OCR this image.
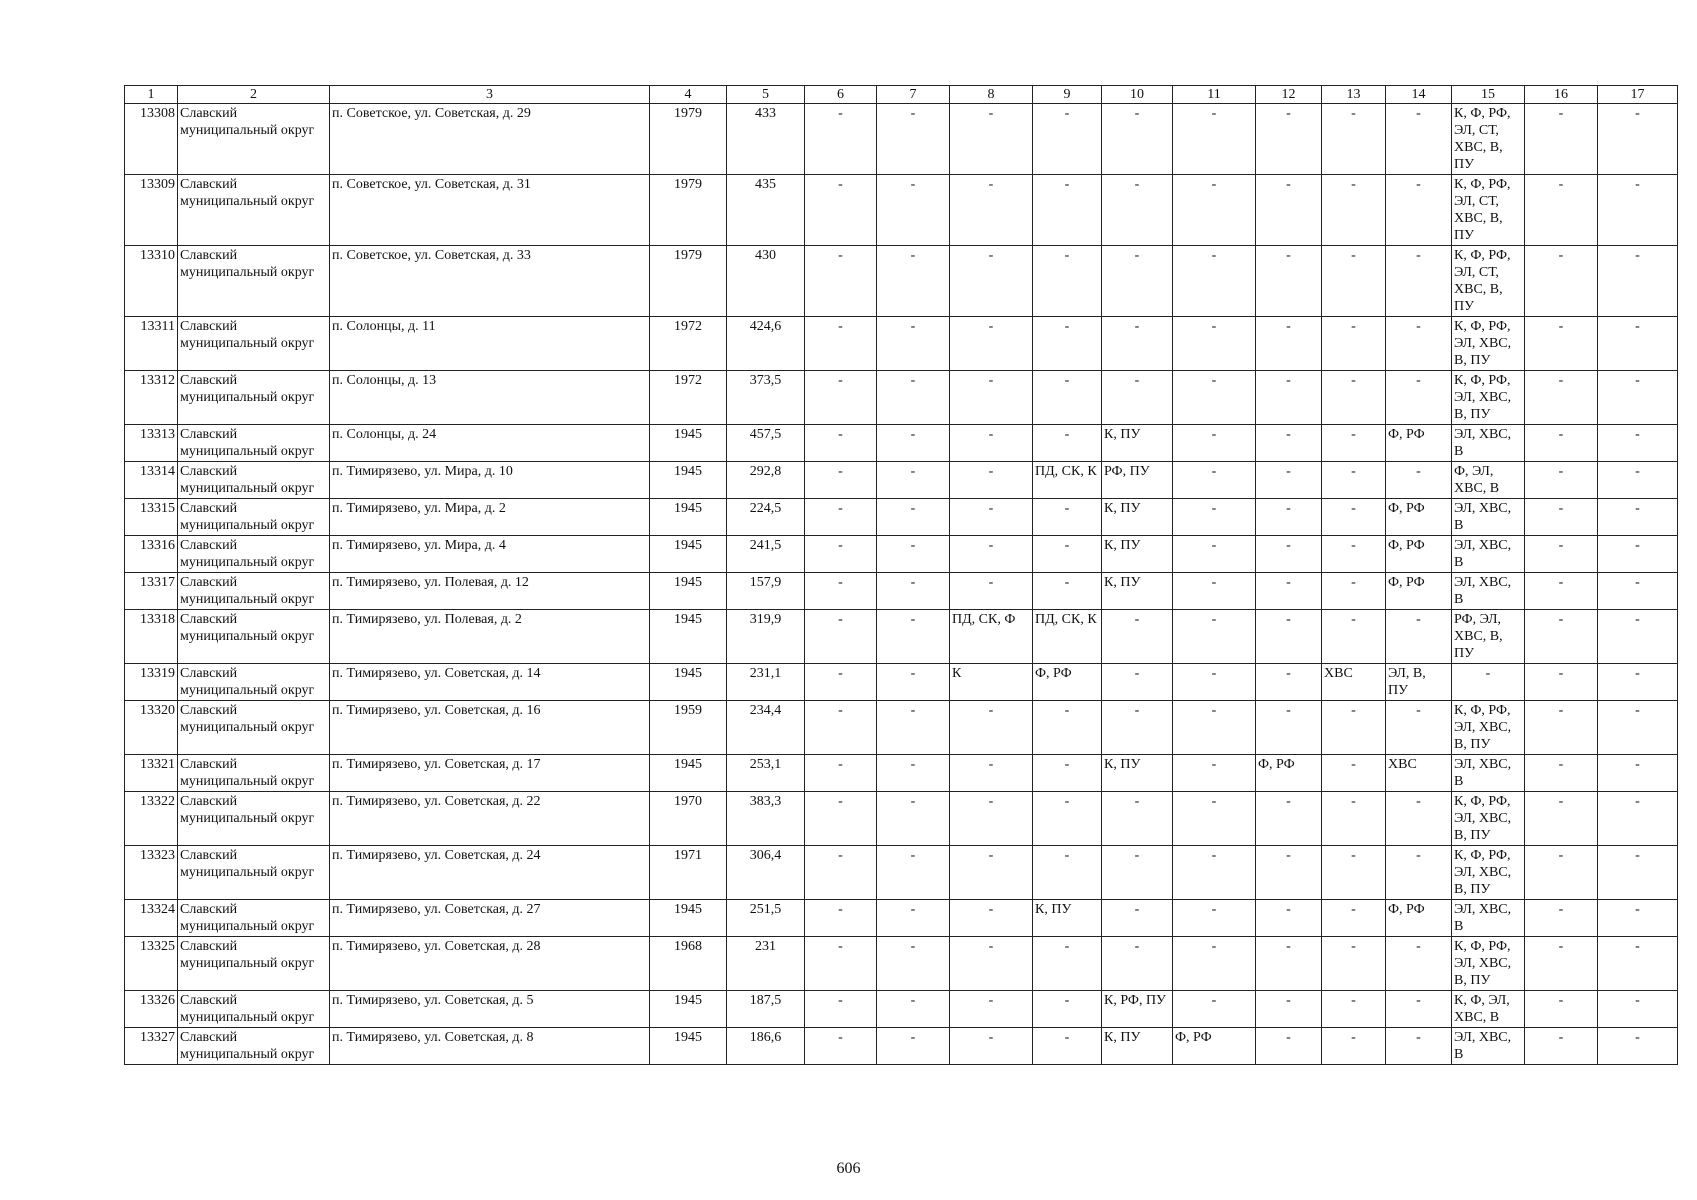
1	2	3	4	5	6	7	8	9	10	11	12	13	14	15	16	17
13308	Славский муниципальный округ	п. Советское, ул. Советская, д. 29	1979	433	-	-	-	-	-	-	-	-	-	К, Ф, РФ, ЭЛ, СТ, ХВС, В, ПУ	-	-
13309	Славский муниципальный округ	п. Советское, ул. Советская, д. 31	1979	435	-	-	-	-	-	-	-	-	-	К, Ф, РФ, ЭЛ, СТ, ХВС, В, ПУ	-	-
13310	Славский муниципальный округ	п. Советское, ул. Советская, д. 33	1979	430	-	-	-	-	-	-	-	-	-	К, Ф, РФ, ЭЛ, СТ, ХВС, В, ПУ	-	-
13311	Славский муниципальный округ	п. Солонцы, д. 11	1972	424,6	-	-	-	-	-	-	-	-	-	К, Ф, РФ, ЭЛ, ХВС, В, ПУ	-	-
13312	Славский муниципальный округ	п. Солонцы, д. 13	1972	373,5	-	-	-	-	-	-	-	-	-	К, Ф, РФ, ЭЛ, ХВС, В, ПУ	-	-
13313	Славский муниципальный округ	п. Солонцы, д. 24	1945	457,5	-	-	-	-	К, ПУ	-	-	-	Ф, РФ	ЭЛ, ХВС, В	-	-
13314	Славский муниципальный округ	п. Тимирязево, ул. Мира, д. 10	1945	292,8	-	-	-	ПД, СК, К	РФ, ПУ	-	-	-	-	Ф, ЭЛ, ХВС, В	-	-
13315	Славский муниципальный округ	п. Тимирязево, ул. Мира, д. 2	1945	224,5	-	-	-	-	К, ПУ	-	-	-	Ф, РФ	ЭЛ, ХВС, В	-	-
13316	Славский муниципальный округ	п. Тимирязево, ул. Мира, д. 4	1945	241,5	-	-	-	-	К, ПУ	-	-	-	Ф, РФ	ЭЛ, ХВС, В	-	-
13317	Славский муниципальный округ	п. Тимирязево, ул. Полевая, д. 12	1945	157,9	-	-	-	-	К, ПУ	-	-	-	Ф, РФ	ЭЛ, ХВС, В	-	-
13318	Славский муниципальный округ	п. Тимирязево, ул. Полевая, д. 2	1945	319,9	-	-	ПД, СК, Ф	ПД, СК, К	-	-	-	-	-	РФ, ЭЛ, ХВС, В, ПУ	-	-
13319	Славский муниципальный округ	п. Тимирязево, ул. Советская, д. 14	1945	231,1	-	-	К	Ф, РФ	-	-	-	ХВС	ЭЛ, В, ПУ	-	-	-
13320	Славский муниципальный округ	п. Тимирязево, ул. Советская, д. 16	1959	234,4	-	-	-	-	-	-	-	-	-	К, Ф, РФ, ЭЛ, ХВС, В, ПУ	-	-
13321	Славский муниципальный округ	п. Тимирязево, ул. Советская, д. 17	1945	253,1	-	-	-	-	К, ПУ	-	Ф, РФ	-	ХВС	ЭЛ, ХВС, В	-	-
13322	Славский муниципальный округ	п. Тимирязево, ул. Советская, д. 22	1970	383,3	-	-	-	-	-	-	-	-	-	К, Ф, РФ, ЭЛ, ХВС, В, ПУ	-	-
13323	Славский муниципальный округ	п. Тимирязево, ул. Советская, д. 24	1971	306,4	-	-	-	-	-	-	-	-	-	К, Ф, РФ, ЭЛ, ХВС, В, ПУ	-	-
13324	Славский муниципальный округ	п. Тимирязево, ул. Советская, д. 27	1945	251,5	-	-	-	К, ПУ	-	-	-	-	Ф, РФ	ЭЛ, ХВС, В	-	-
13325	Славский муниципальный округ	п. Тимирязево, ул. Советская, д. 28	1968	231	-	-	-	-	-	-	-	-	-	К, Ф, РФ, ЭЛ, ХВС, В, ПУ	-	-
13326	Славский муниципальный округ	п. Тимирязево, ул. Советская, д. 5	1945	187,5	-	-	-	-	К, РФ, ПУ	-	-	-	-	К, Ф, ЭЛ, ХВС, В	-	-
13327	Славский муниципальный округ	п. Тимирязево, ул. Советская, д. 8	1945	186,6	-	-	-	-	К, ПУ	Ф, РФ	-	-	-	ЭЛ, ХВС, В	-	-
606
